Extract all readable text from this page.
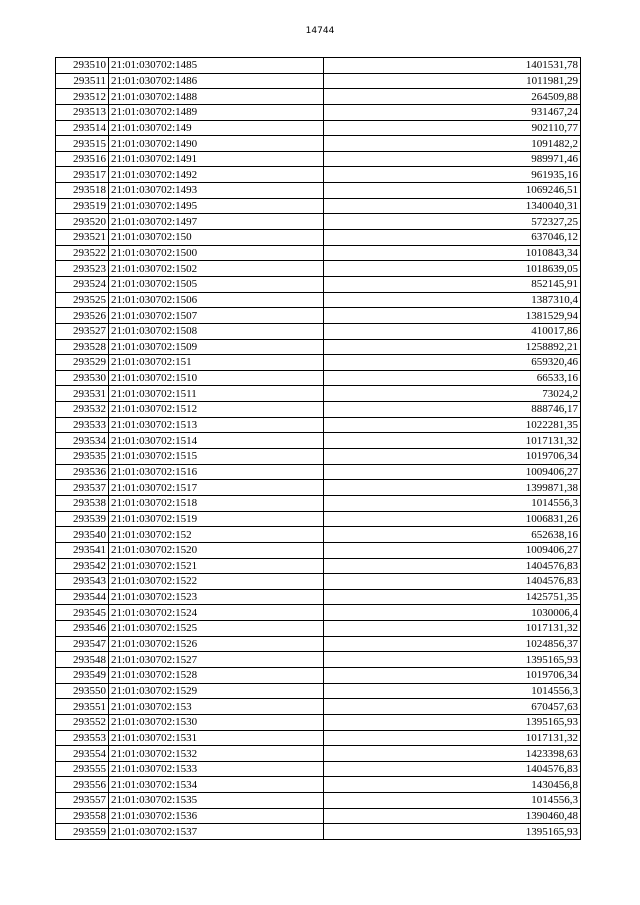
14744
293510	21:01:030702:1485	1401531,78
293511	21:01:030702:1486	1011981,29
293512	21:01:030702:1488	264509,88
293513	21:01:030702:1489	931467,24
293514	21:01:030702:149	902110,77
293515	21:01:030702:1490	1091482,2
293516	21:01:030702:1491	989971,46
293517	21:01:030702:1492	961935,16
293518	21:01:030702:1493	1069246,51
293519	21:01:030702:1495	1340040,31
293520	21:01:030702:1497	572327,25
293521	21:01:030702:150	637046,12
293522	21:01:030702:1500	1010843,34
293523	21:01:030702:1502	1018639,05
293524	21:01:030702:1505	852145,91
293525	21:01:030702:1506	1387310,4
293526	21:01:030702:1507	1381529,94
293527	21:01:030702:1508	410017,86
293528	21:01:030702:1509	1258892,21
293529	21:01:030702:151	659320,46
293530	21:01:030702:1510	66533,16
293531	21:01:030702:1511	73024,2
293532	21:01:030702:1512	888746,17
293533	21:01:030702:1513	1022281,35
293534	21:01:030702:1514	1017131,32
293535	21:01:030702:1515	1019706,34
293536	21:01:030702:1516	1009406,27
293537	21:01:030702:1517	1399871,38
293538	21:01:030702:1518	1014556,3
293539	21:01:030702:1519	1006831,26
293540	21:01:030702:152	652638,16
293541	21:01:030702:1520	1009406,27
293542	21:01:030702:1521	1404576,83
293543	21:01:030702:1522	1404576,83
293544	21:01:030702:1523	1425751,35
293545	21:01:030702:1524	1030006,4
293546	21:01:030702:1525	1017131,32
293547	21:01:030702:1526	1024856,37
293548	21:01:030702:1527	1395165,93
293549	21:01:030702:1528	1019706,34
293550	21:01:030702:1529	1014556,3
293551	21:01:030702:153	670457,63
293552	21:01:030702:1530	1395165,93
293553	21:01:030702:1531	1017131,32
293554	21:01:030702:1532	1423398,63
293555	21:01:030702:1533	1404576,83
293556	21:01:030702:1534	1430456,8
293557	21:01:030702:1535	1014556,3
293558	21:01:030702:1536	1390460,48
293559	21:01:030702:1537	1395165,93
